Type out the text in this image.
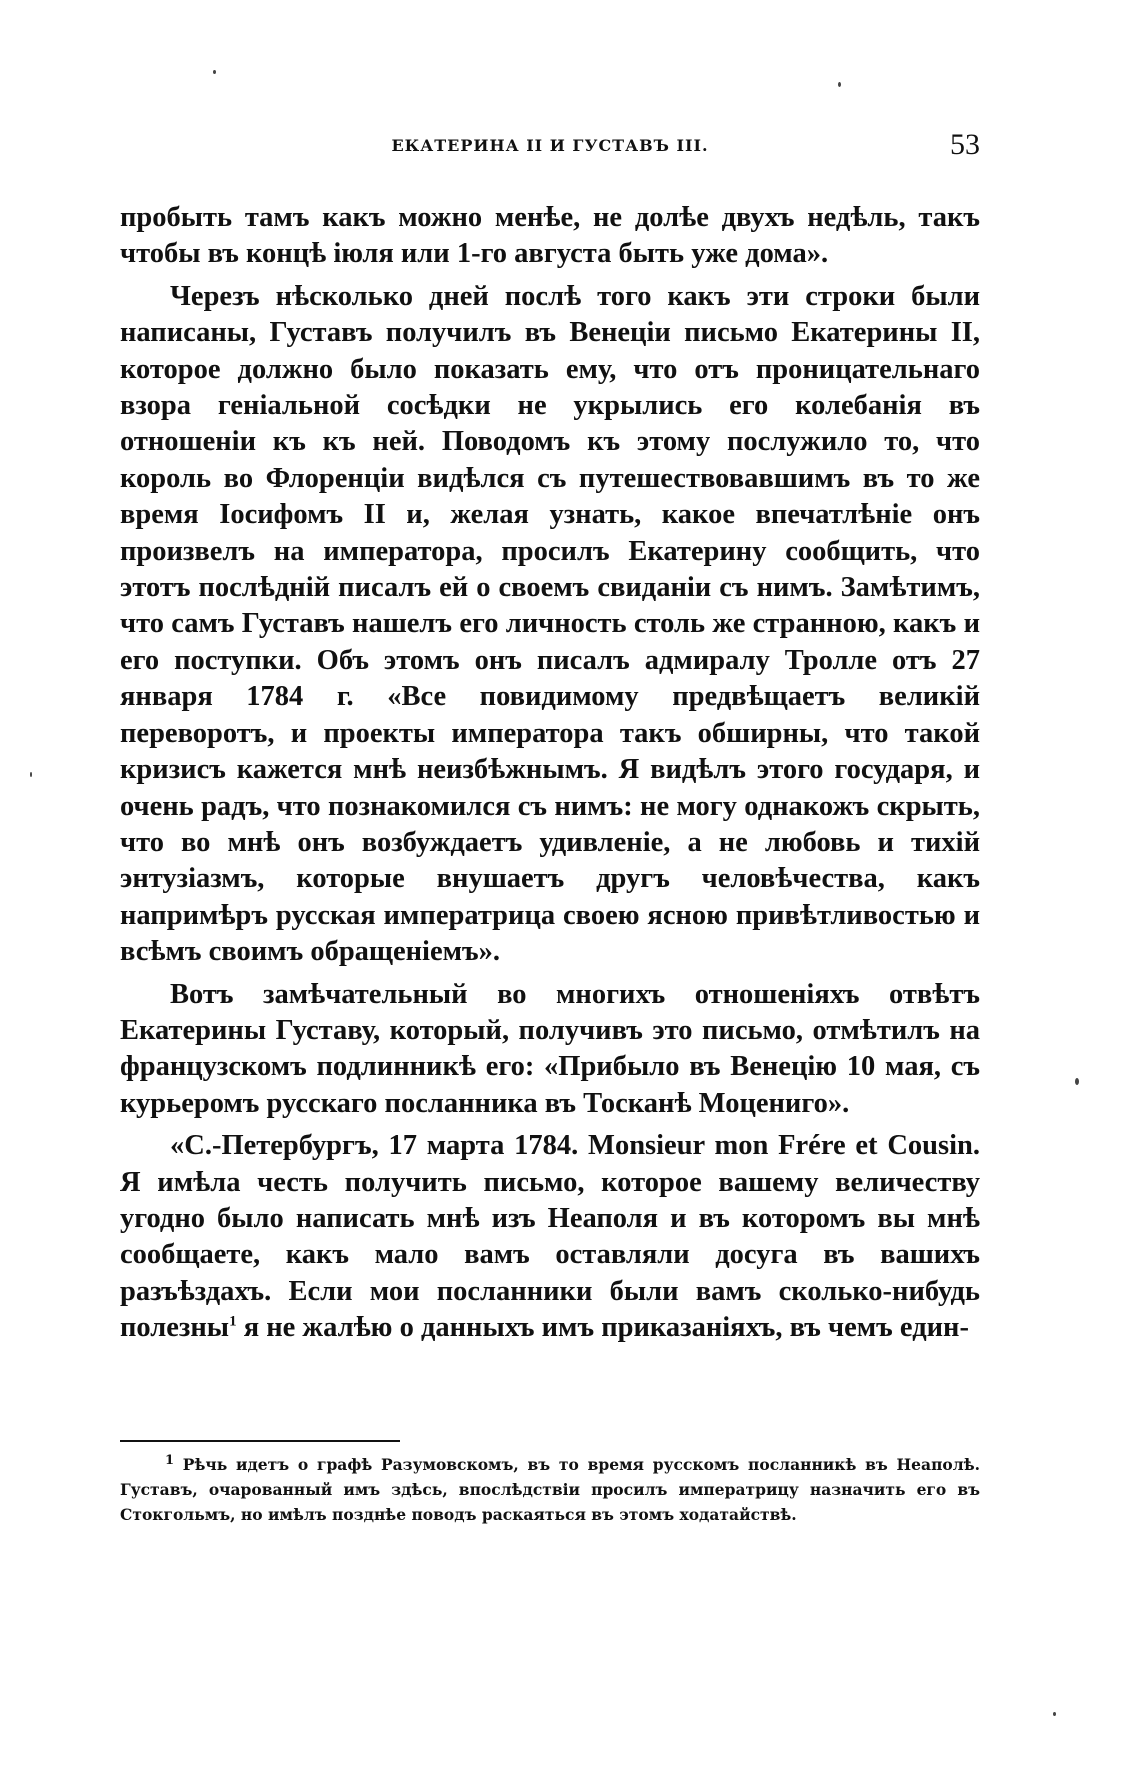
ЕКАТЕРИНА II И ГУСТАВЪ III.	53

пробыть тамъ какъ можно менѣе, не долѣе двухъ недѣль, такъ чтобы въ концѣ іюля или 1-го августа быть уже дома».

Черезъ нѣсколько дней послѣ того какъ эти строки были написаны, Густавъ получилъ въ Венеціи письмо Екатерины II, которое должно было показать ему, что отъ проницательнаго взора геніальной сосѣдки не укрылись его колебанія въ отношеніи къ къ ней. Поводомъ къ этому послужило то, что король во Флоренціи видѣлся съ путешествовавшимъ въ то же время Іосифомъ II и, желая узнать, какое впечатлѣніе онъ произвелъ на императора, просилъ Екатерину сообщить, что этотъ послѣдній писалъ ей о своемъ свиданіи съ нимъ. Замѣтимъ, что самъ Густавъ нашелъ его личность столь же странною, какъ и его поступки. Объ этомъ онъ писалъ адмиралу Тролле отъ 27 января 1784 г. «Все повидимому предвѣщаетъ великій переворотъ, и проекты императора такъ обширны, что такой кризисъ кажется мнѣ неизбѣжнымъ. Я видѣлъ этого государя, и очень радъ, что познакомился съ нимъ: не могу однакожъ скрыть, что во мнѣ онъ возбуждаетъ удивленіе, а не любовь и тихій энтузіазмъ, которые внушаетъ другъ человѣчества, какъ напримѣръ русская императрица своею ясною привѣтливостью и всѣмъ своимъ обращеніемъ».

Вотъ замѣчательный во многихъ отношеніяхъ отвѣтъ Екатерины Густаву, который, получивъ это письмо, отмѣтилъ на французскомъ подлинникѣ его: «Прибыло въ Венецію 10 мая, съ курьеромъ русскаго посланника въ Тосканѣ Моцениго».

«С.-Петербургъ, 17 марта 1784. Monsieur mon Frére et Cousin. Я имѣла честь получить письмо, которое вашему величеству угодно было написать мнѣ изъ Неаполя и въ которомъ вы мнѣ сообщаете, какъ мало вамъ оставляли досуга въ вашихъ разъѣздахъ. Если мои посланники были вамъ сколько-нибудь полезны$^1$ я не жалѣю о данныхъ имъ приказаніяхъ, въ чемъ един-

$^1$ Рѣчь идетъ о графѣ Разумовскомъ, въ то время русскомъ посланникѣ въ Неаполѣ. Густавъ, очарованный имъ здѣсь, впослѣдствіи просилъ императрицу назначить его въ Стокгольмъ, но имѣлъ позднѣе поводъ раскаяться въ этомъ ходатайствѣ.
